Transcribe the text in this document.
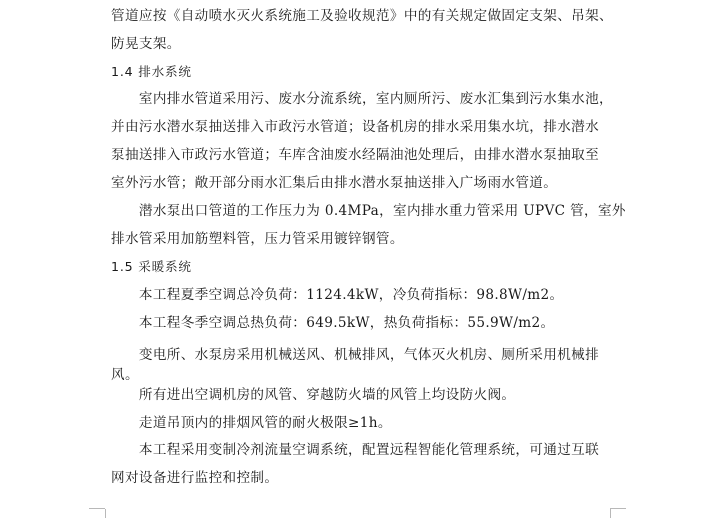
管道应按《自动喷水灭火系统施工及验收规范》中的有关规定做固定支架、吊架、
防晃支架。
1.4 排水系统
　　室内排水管道采用污、废水分流系统，室内厕所污、废水汇集到污水集水池，
并由污水潜水泵抽送排入市政污水管道；设备机房的排水采用集水坑，排水潜水
泵抽送排入市政污水管道；车库含油废水经隔油池处理后，由排水潜水泵抽取至
室外污水管；敞开部分雨水汇集后由排水潜水泵抽送排入广场雨水管道。
　　潜水泵出口管道的工作压力为 0.4MPa，室内排水重力管采用 UPVC 管，室外
排水管采用加筋塑料管，压力管采用镀锌钢管。
1.5 采暖系统
　　本工程夏季空调总冷负荷：1124.4kW，冷负荷指标：98.8W/m2。
　　本工程冬季空调总热负荷：649.5kW，热负荷指标：55.9W/m2。
　　变电所、水泵房采用机械送风、机械排风，气体灭火机房、厕所采用机械排
风。
　　所有进出空调机房的风管、穿越防火墙的风管上均设防火阀。
　　走道吊顶内的排烟风管的耐火极限≥1h。
　　本工程采用变制冷剂流量空调系统，配置远程智能化管理系统，可通过互联
网对设备进行监控和控制。
